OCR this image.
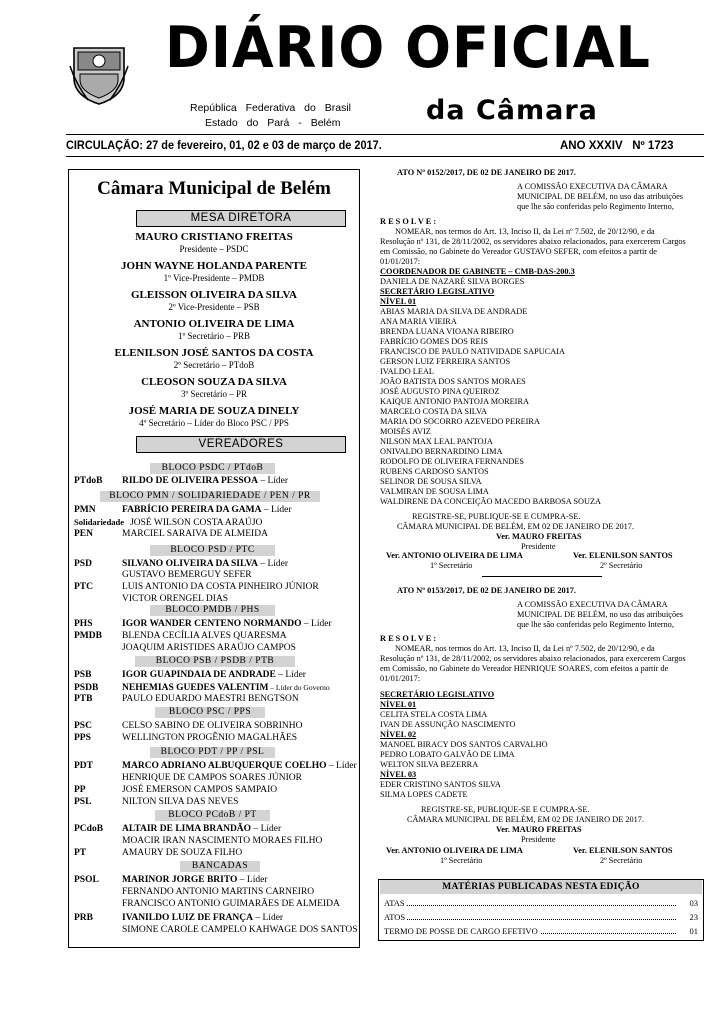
DIÁRIO OFICIAL
da Câmara
República Federativa do Brasil
Estado do Pará - Belém
CIRCULAÇÃO: 27 de fevereiro, 01, 02 e 03 de março de 2017.	ANO XXXIV Nº 1723
Câmara Municipal de Belém
MESA DIRETORA
MAURO CRISTIANO FREITAS
Presidente – PSDC
JOHN WAYNE HOLANDA PARENTE
1º Vice-Presidente – PMDB
GLEISSON OLIVEIRA DA SILVA
2º Vice-Presidente – PSB
ANTONIO OLIVEIRA DE LIMA
1º Secretário – PRB
ELENILSON JOSÉ SANTOS DA COSTA
2º Secretário – PTdoB
CLEOSON SOUZA DA SILVA
3º Secretário – PR
JOSÉ MARIA DE SOUZA DINELY
4º Secretário – Líder do Bloco PSC / PPS
VEREADORES
BLOCO PSDC / PTdoB
PTdoB RILDO DE OLIVEIRA PESSOA – Líder
BLOCO PMN / SOLIDARIEDADE / PEN / PR
PMN	FABRÍCIO PEREIRA DA GAMA – Líder
Solidariedade JOSÉ WILSON COSTA ARAÚJO
PEN	MARCIEL SARAIVA DE ALMEIDA
BLOCO PSD / PTC
PSD	SILVANO OLIVEIRA DA SILVA – Líder
GUSTAVO BEMERGUY SEFER
PTC	LUIS ANTONIO DA COSTA PINHEIRO JÚNIOR
VICTOR ORENGEL DIAS
BLOCO PMDB / PHS
PHS	IGOR WANDER CENTENO NORMANDO – Líder
PMDB BLENDA CECÍLIA ALVES QUARESMA
JOAQUIM ARISTIDES ARAÚJO CAMPOS
BLOCO PSB / PSDB / PTB
PSB	IGOR GUAPINDAIA DE ANDRADE – Líder
PSDB NEHEMIAS GUEDES VALENTIM – Líder do Governo
PTB	PAULO EDUARDO MAESTRI BENGTSON
BLOCO PSC / PPS
PSC	CELSO SABINO DE OLIVEIRA SOBRINHO
PPS	WELLINGTON PROGÊNIO MAGALHÃES
BLOCO PDT / PP / PSL
PDT	MARCO ADRIANO ALBUQUERQUE COELHO – Líder
HENRIQUE DE CAMPOS SOARES JÚNIOR
PP	JOSÉ EMERSON CAMPOS SAMPAIO
PSL	NILTON SILVA DAS NEVES
BLOCO PCdoB / PT
PCdoB ALTAIR DE LIMA BRANDÃO – Líder
MOACIR IRAN NASCIMENTO MORAES FILHO
PT	AMAURY DE SOUZA FILHO
BANCADAS
PSOL MARINOR JORGE BRITO – Líder
FERNANDO ANTONIO MARTINS CARNEIRO
FRANCISCO ANTONIO GUIMARÃES DE ALMEIDA
PRB	IVANILDO LUIZ DE FRANÇA – Líder
SIMONE CAROLE CAMPELO KAHWAGE DOS SANTOS
ATO Nº 0152/2017, DE 02 DE JANEIRO DE 2017.
A COMISSÃO EXECUTIVA DA CÂMARA
MUNICIPAL DE BELÉM, no uso das atribuições
que lhe são conferidas pelo Regimento Interno,
R E S O L V E :
NOMEAR, nos termos do Art. 13, Inciso II, da Lei nº 7.502, de 20/12/90, e da
Resolução nº 131, de 28/11/2002, os servidores abaixo relacionados, para exercerem Cargos
em Comissão, no Gabinete do Vereador GUSTAVO SEFER, com efeitos a partir de
01/01/2017:
COORDENADOR DE GABINETE – CMB-DAS-200.3
DANIELA DE NAZARÉ SILVA BORGES
SECRETÁRIO LEGISLATIVO
NÍVEL 01
ABIAS MARIA DA SILVA DE ANDRADE
ANA MARIA VIEIRA
BRENDA LUANA VIOANA RIBEIRO
FABRÍCIO GOMES DOS REIS
FRANCISCO DE PAULO NATIVIDADE SAPUCAIA
GERSON LUIZ FERREIRA SANTOS
IVALDO LEAL
JOÃO BATISTA DOS SANTOS MORAES
JOSÉ AUGUSTO PINA QUEIROZ
KAIQUE ANTONIO PANTOJA MOREIRA
MARCELO COSTA DA SILVA
MARIA DO SOCORRO AZEVEDO PEREIRA
MOISÉS AVIZ
NILSON MAX LEAL PANTOJA
ONIVALDO BERNARDINO LIMA
RODOLFO DE OLIVEIRA FERNANDES
RUBENS CARDOSO SANTOS
SELINOR DE SOUSA SILVA
VALMIRAN DE SOUSA LIMA
WALDIRENE DA CONCEIÇÃO MACEDO BARBOSA SOUZA
REGISTRE-SE, PUBLIQUE-SE E CUMPRA-SE.
CÂMARA MUNICIPAL DE BELÉM, EM 02 DE JANEIRO DE 2017.
Ver. MAURO FREITAS
Presidente
Ver. ANTONIO OLIVEIRA DE LIMA
1º Secretário
Ver. ELENILSON SANTOS
2º Secretário
ATO Nº 0153/2017, DE 02 DE JANEIRO DE 2017.
A COMISSÃO EXECUTIVA DA CÂMARA
MUNICIPAL DE BELÉM, no uso das atribuições
que lhe são conferidas pelo Regimento Interno,
R E S O L V E :
NOMEAR, nos termos do Art. 13, Inciso II, da Lei nº 7.502, de 20/12/90, e da
Resolução nº 131, de 28/11/2002, os servidores abaixo relacionados, para exercerem Cargos
em Comissão, no Gabinete do Vereador HENRIQUE SOARES, com efeitos a partir de
01/01/2017:
SECRETÁRIO LEGISLATIVO
NÍVEL 01
CELITA STELA COSTA LIMA
IVAN DE ASSUNÇÃO NASCIMENTO
NÍVEL 02
MANOEL BIRACY DOS SANTOS CARVALHO
PEDRO LOBATO GALVÃO DE LIMA
WELTON SILVA BEZERRA
NÍVEL 03
EDER CRISTINO SANTOS SILVA
SILMA LOPES CADETE
REGISTRE-SE, PUBLIQUE-SE E CUMPRA-SE.
CÂMARA MUNICIPAL DE BELÉM, EM 02 DE JANEIRO DE 2017.
Ver. MAURO FREITAS
Presidente
Ver. ANTONIO OLIVEIRA DE LIMA
1º Secretário
Ver. ELENILSON SANTOS
2º Secretário
MATÉRIAS PUBLICADAS NESTA EDIÇÃO
ATAS	03
ATOS	23
TERMO DE POSSE DE CARGO EFETIVO	01
